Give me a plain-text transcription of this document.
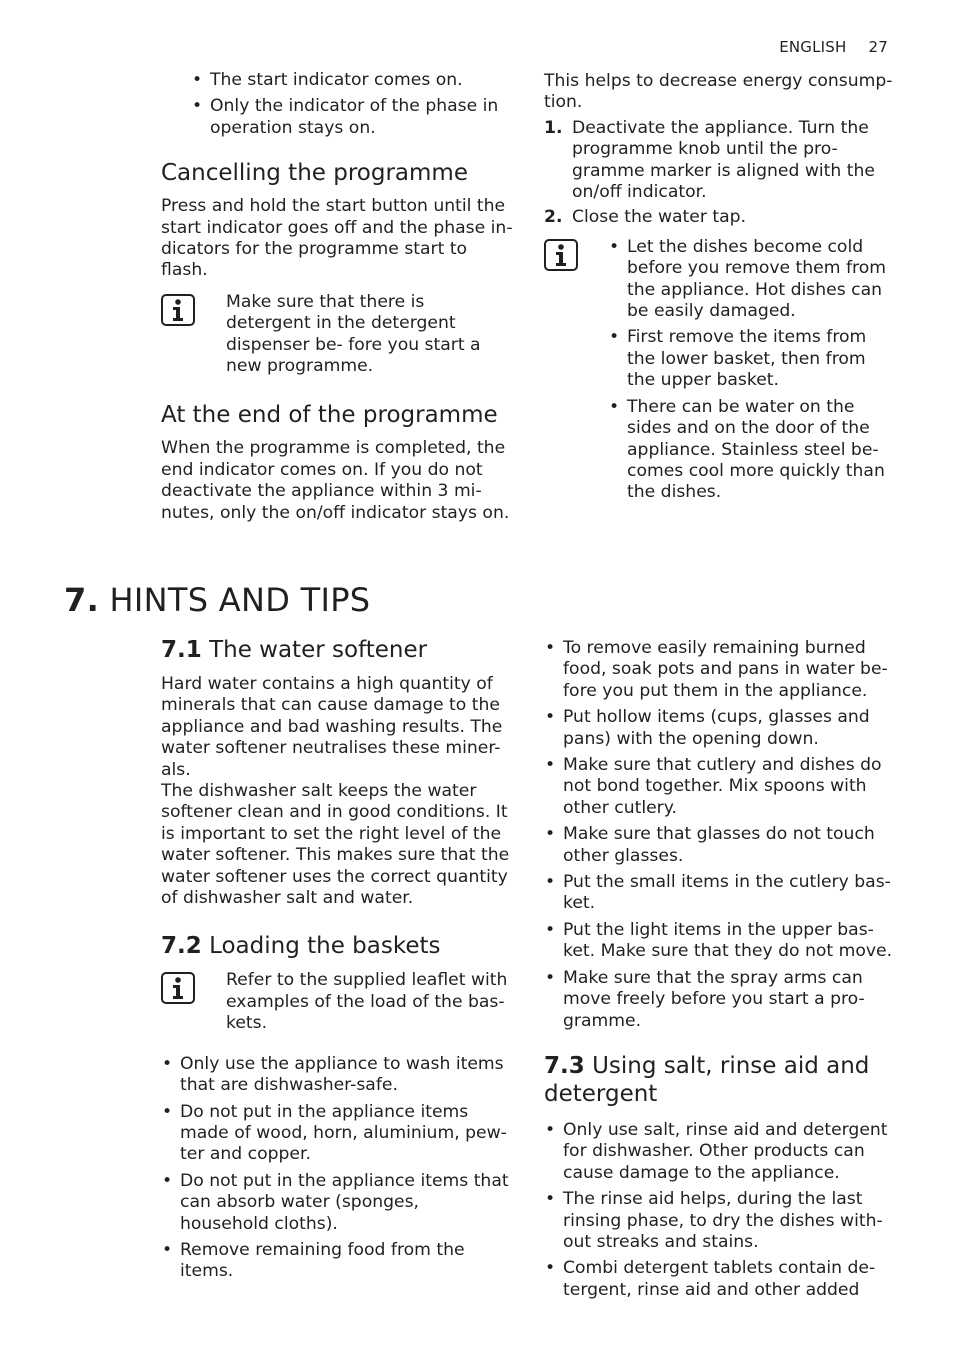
ENGLISH 27
• The start indicator comes on.
• Only the indicator of the phase in operation stays on.
Cancelling the programme

Press and hold the start button until the start indicator goes off and the phase in- dicators for the programme start to flash.

Make sure that there is detergent in the detergent dispenser be- fore you start a new programme.

At the end of the programme

When the programme is completed, the end indicator comes on. If you do not deactivate the appliance within 3 mi- nutes, only the on/off indicator stays on.

This helps to decrease energy consump- tion.

1. Deactivate the appliance. Turn the programme knob until the pro- gramme marker is aligned with the on/off indicator.
2. Close the water tap.
• Let the dishes become cold before you remove them from the appliance. Hot dishes can be easily damaged.
• First remove the items from the lower basket, then from the upper basket.
• There can be water on the sides and on the door of the appliance. Stainless steel be- comes cool more quickly than the dishes.
7. HINTS AND TIPS
7.1 The water softener

Hard water contains a high quantity of minerals that can cause damage to the appliance and bad washing results. The water softener neutralises these miner- als.

The dishwasher salt keeps the water softener clean and in good conditions. It is important to set the right level of the water softener. This makes sure that the water softener uses the correct quantity of dishwasher salt and water.

7.2 Loading the baskets

Refer to the supplied leaflet with examples of the load of the bas- kets.

• Only use the appliance to wash items that are dishwasher-safe.
• Do not put in the appliance items made of wood, horn, aluminium, pew- ter and copper.
• Do not put in the appliance items that can absorb water (sponges, household cloths).
• Remove remaining food from the items.
• To remove easily remaining burned food, soak pots and pans in water be- fore you put them in the appliance.
• Put hollow items (cups, glasses and pans) with the opening down.
• Make sure that cutlery and dishes do not bond together. Mix spoons with other cutlery.
• Make sure that glasses do not touch other glasses.
• Put the small items in the cutlery bas- ket.
• Put the light items in the upper bas- ket. Make sure that they do not move.
• Make sure that the spray arms can move freely before you start a pro- gramme.
7.3 Using salt, rinse aid and detergent
• Only use salt, rinse aid and detergent for dishwasher. Other products can cause damage to the appliance.
• The rinse aid helps, during the last rinsing phase, to dry the dishes with- out streaks and stains.
• Combi detergent tablets contain de- tergent, rinse aid and other added
